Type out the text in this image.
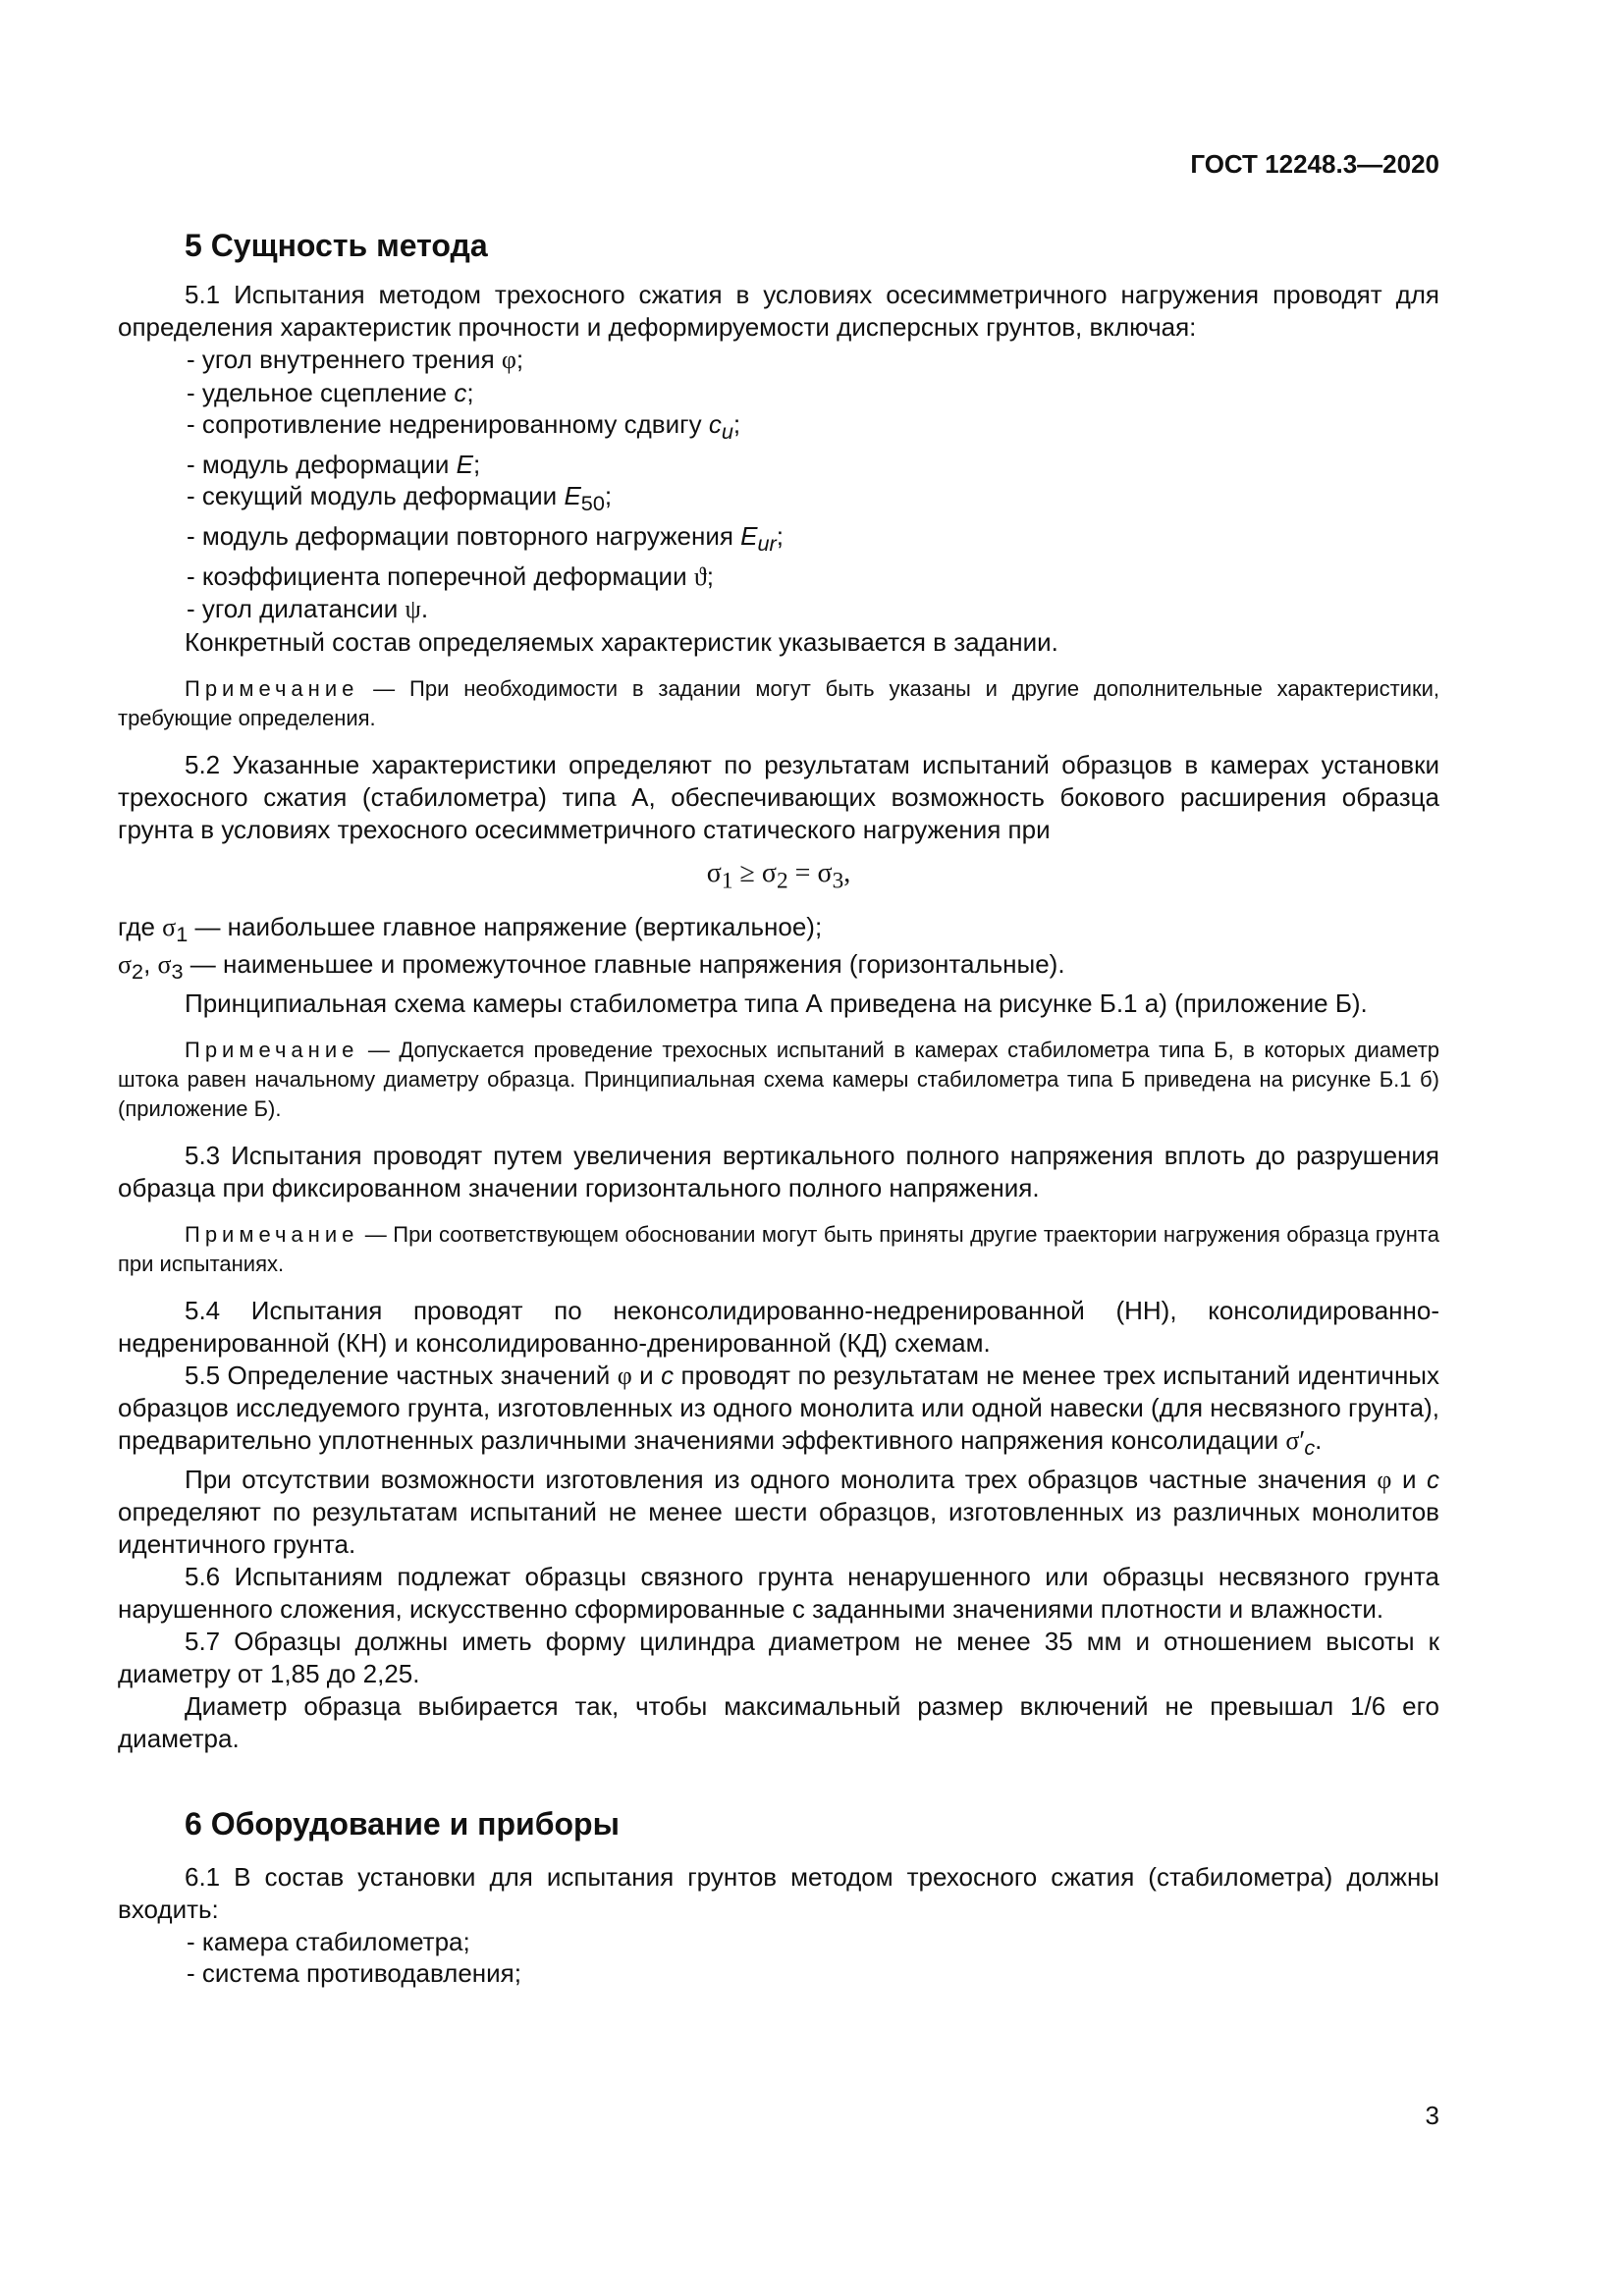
ГОСТ 12248.3—2020
5 Сущность метода

5.1 Испытания методом трехосного сжатия в условиях осесимметричного нагружения проводят для определения характеристик прочности и деформируемости дисперсных грунтов, включая:

- угол внутреннего трения φ;
- удельное сцепление c;
- сопротивление недренированному сдвигу $c_u$;
- модуль деформации E;
- секущий модуль деформации $E_{50}$;
- модуль деформации повторного нагружения $E_{ur}$;
- коэффициента поперечной деформации ϑ;
- угол дилатансии ψ.

Конкретный состав определяемых характеристик указывается в задании.

Примечание — При необходимости в задании могут быть указаны и другие дополнительные характеристики, требующие определения.

5.2 Указанные характеристики определяют по результатам испытаний образцов в камерах установки трехосного сжатия (стабилометра) типа А, обеспечивающих возможность бокового расширения образца грунта в условиях трехосного осесимметричного статического нагружения при

$\sigma_1 \ge \sigma_2 = \sigma_3$,

где $\sigma_1$ — наибольшее главное напряжение (вертикальное);

$\sigma_2$, $\sigma_3$ — наименьшее и промежуточное главные напряжения (горизонтальные).

Принципиальная схема камеры стабилометра типа А приведена на рисунке Б.1 а) (приложение Б).

Примечание — Допускается проведение трехосных испытаний в камерах стабилометра типа Б, в которых диаметр штока равен начальному диаметру образца. Принципиальная схема камеры стабилометра типа Б приведена на рисунке Б.1 б) (приложение Б).

5.3 Испытания проводят путем увеличения вертикального полного напряжения вплоть до разрушения образца при фиксированном значении горизонтального полного напряжения.

Примечание — При соответствующем обосновании могут быть приняты другие траектории нагружения образца грунта при испытаниях.

5.4 Испытания проводят по неконсолидированно-недренированной (НН), консолидированно-недренированной (КН) и консолидированно-дренированной (КД) схемам.

5.5 Определение частных значений φ и c проводят по результатам не менее трех испытаний идентичных образцов исследуемого грунта, изготовленных из одного монолита или одной навески (для несвязного грунта), предварительно уплотненных различными значениями эффективного напряжения консолидации $\sigma'_c$.

При отсутствии возможности изготовления из одного монолита трех образцов частные значения φ и c определяют по результатам испытаний не менее шести образцов, изготовленных из различных монолитов идентичного грунта.

5.6 Испытаниям подлежат образцы связного грунта ненарушенного или образцы несвязного грунта нарушенного сложения, искусственно сформированные с заданными значениями плотности и влажности.

5.7 Образцы должны иметь форму цилиндра диаметром не менее 35 мм и отношением высоты к диаметру от 1,85 до 2,25.

Диаметр образца выбирается так, чтобы максимальный размер включений не превышал 1/6 его диаметра.

6 Оборудование и приборы

6.1 В состав установки для испытания грунтов методом трехосного сжатия (стабилометра) должны входить:

- камера стабилометра;
- система противодавления;
3
